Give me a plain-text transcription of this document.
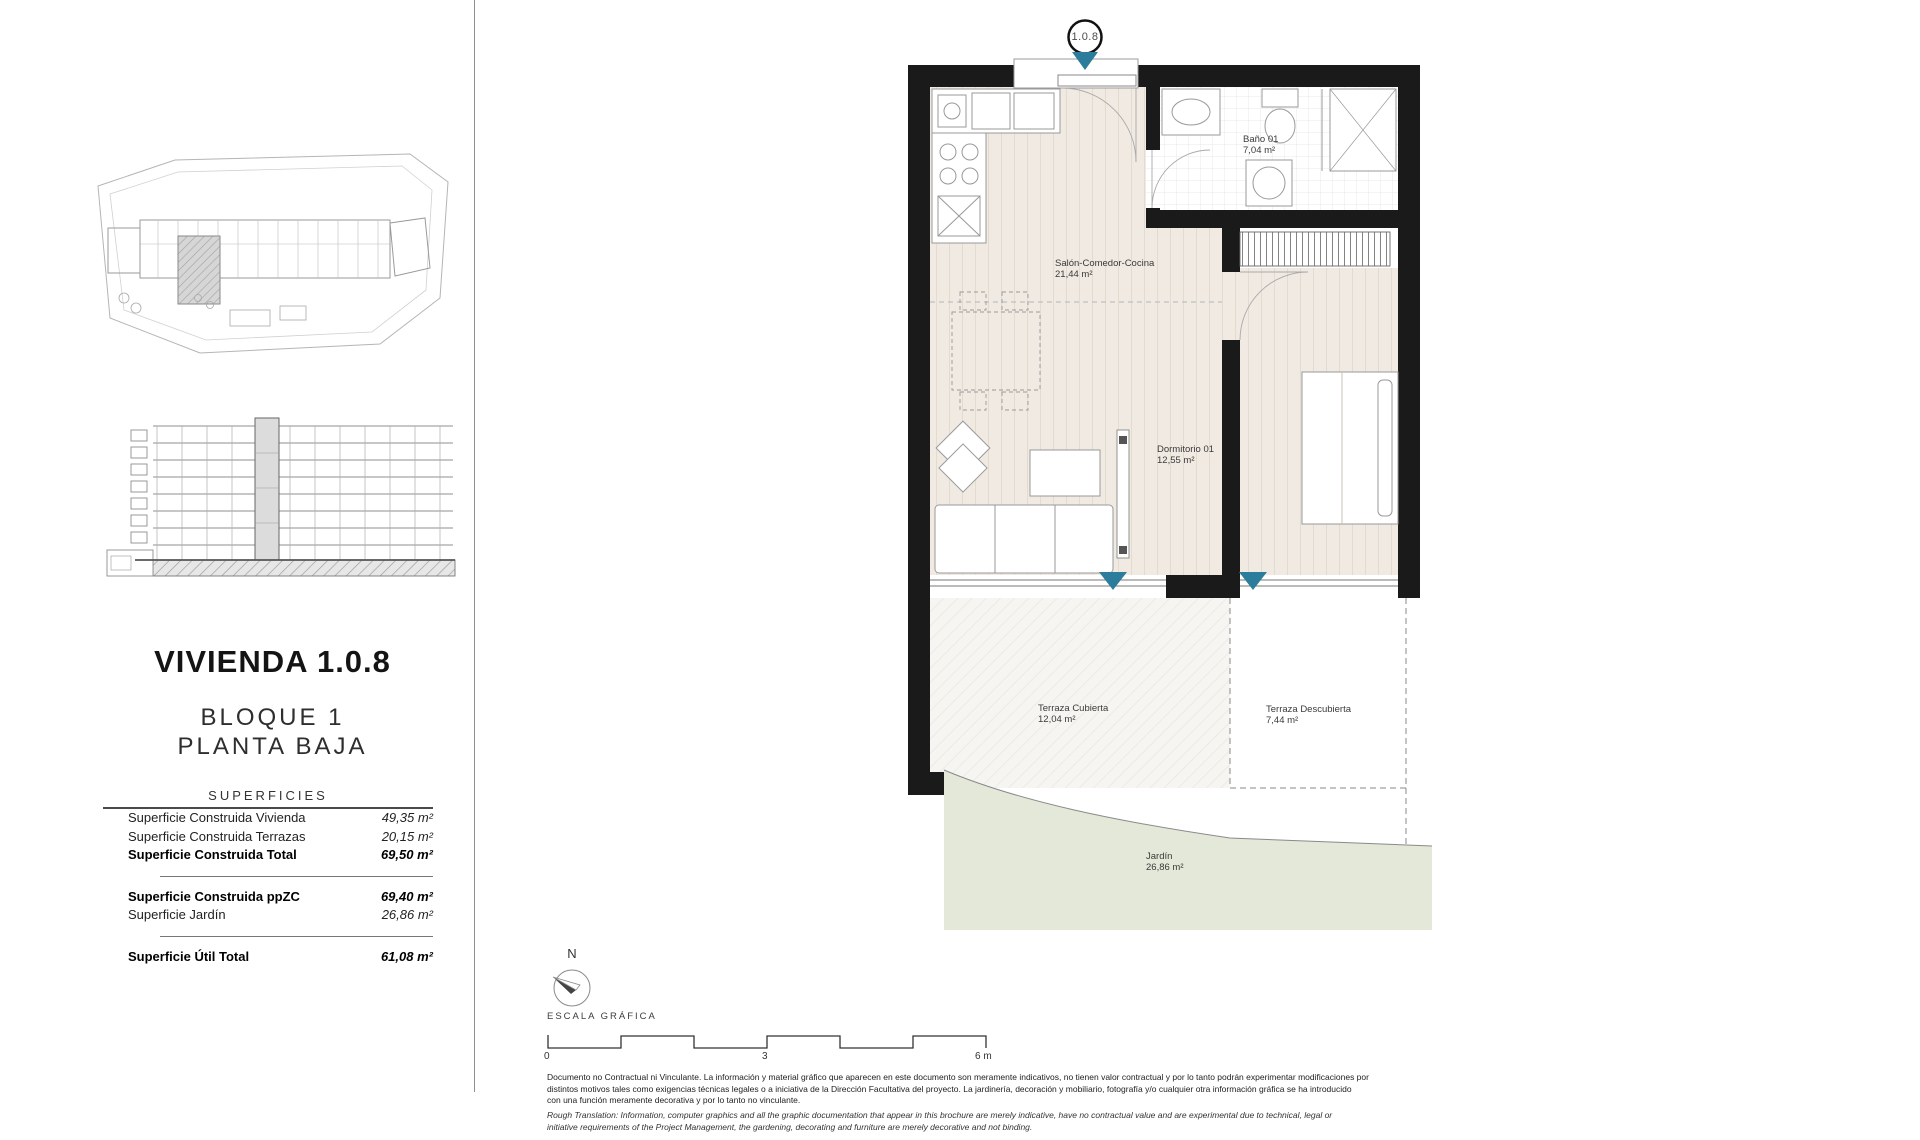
VIVIENDA 1.0.8
BLOQUE 1
PLANTA BAJA
SUPERFICIES
Superficie Construida Vivienda	49,35 m²
Superficie Construida Terrazas	20,15 m²
Superficie Construida Total	69,50 m²
Superficie Construida ppZC	69,40 m²
Superficie Jardín	26,86 m²
Superficie Útil Total	61,08 m²
1.0.8
Salón-Comedor-Cocina
21,44 m²
Baño 01
7,04 m²
Dormitorio 01
12,55 m²
Terraza Cubierta
12,04 m²
Terraza Descubierta
7,44 m²
Jardín
26,86 m²
N
ESCALA GRÁFICA
0	3	6 m
Documento no Contractual ni Vinculante. La información y material gráfico que aparecen en este documento son meramente indicativos, no tienen valor contractual y por lo tanto podrán experimentar modificaciones por
distintos motivos tales como exigencias técnicas legales o a iniciativa de la Dirección Facultativa del proyecto. La jardinería, decoración y mobiliario, fotografía y/o cualquier otra información gráfica se ha introducido
con una función meramente decorativa y por lo tanto no vinculante.
Rough Translation: Information, computer graphics and all the graphic documentation that appear in this brochure are merely indicative, have no contractual value and are experimental due to technical, legal or
initiative requirements of the Project Management, the gardening, decorating and furniture are merely decorative and not binding.
